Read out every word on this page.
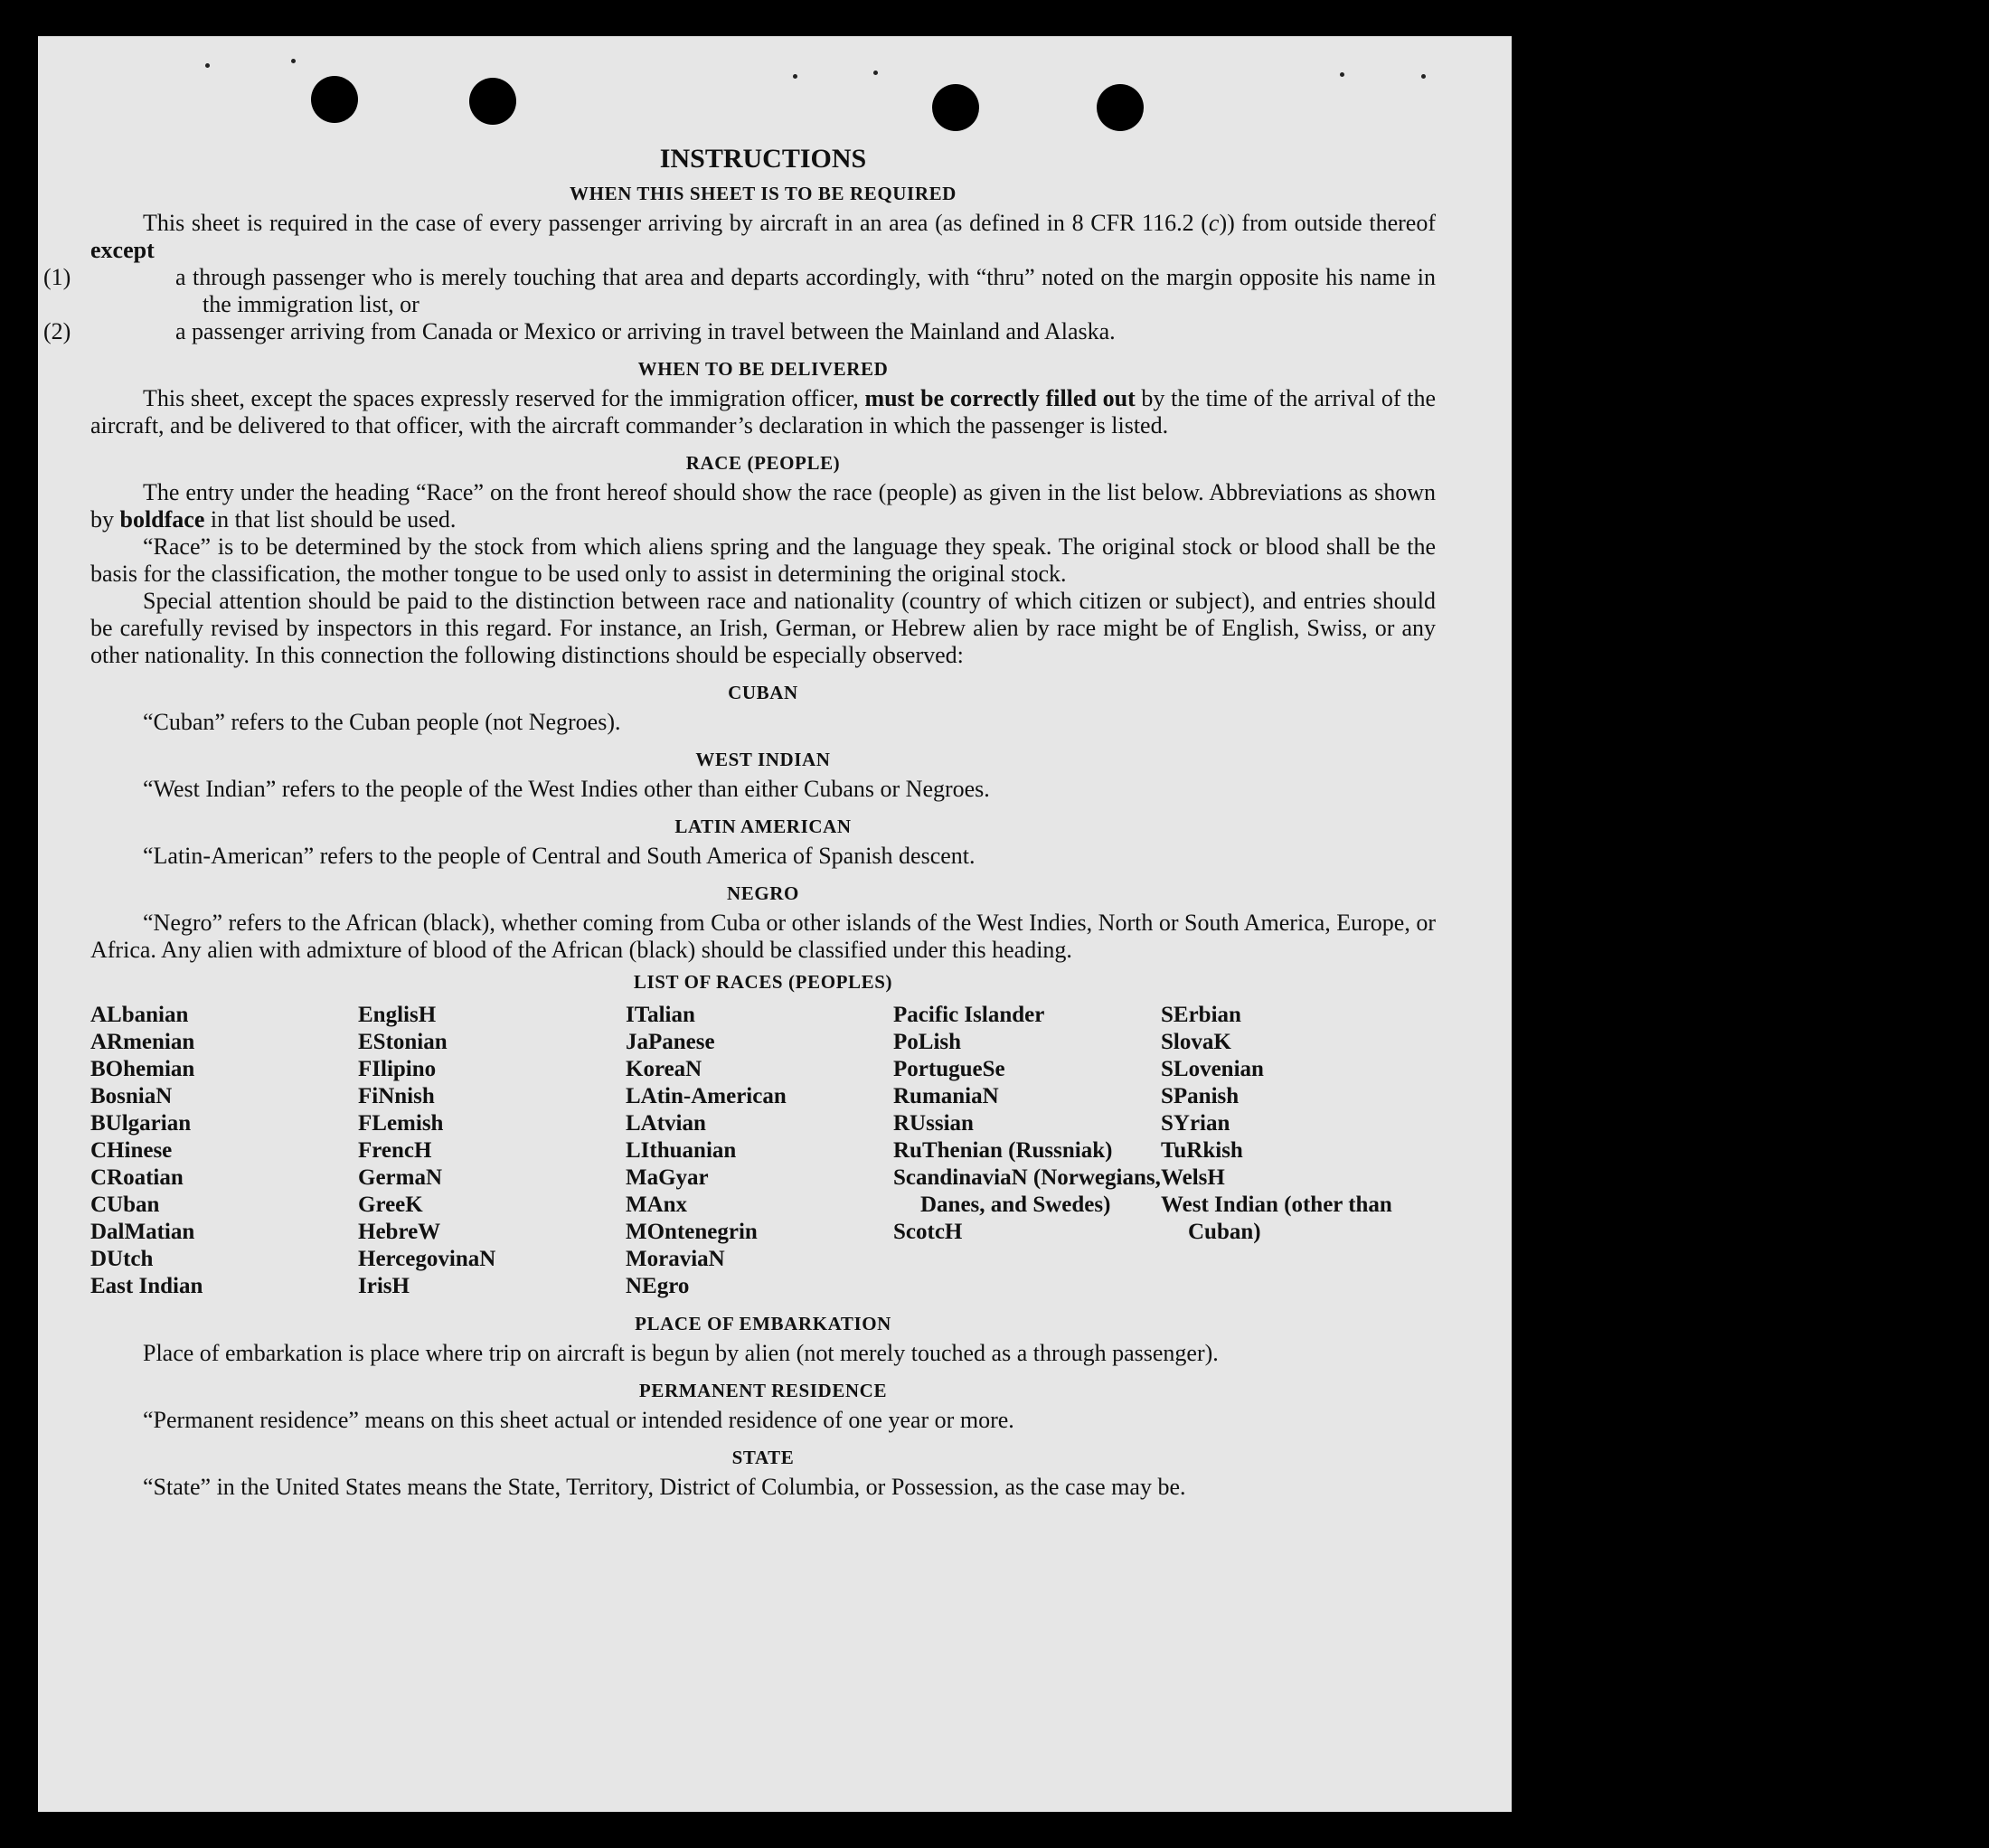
INSTRUCTIONS
WHEN THIS SHEET IS TO BE REQUIRED

This sheet is required in the case of every passenger arriving by aircraft in an area (as defined in 8 CFR 116.2 (c)) from outside thereof except

(1)	a through passenger who is merely touching that area and departs accordingly, with “thru” noted on the margin opposite his name in the immigration list, or

(2)	a passenger arriving from Canada or Mexico or arriving in travel between the Mainland and Alaska.

WHEN TO BE DELIVERED

This sheet, except the spaces expressly reserved for the immigration officer, must be correctly filled out by the time of the arrival of the aircraft, and be delivered to that officer, with the aircraft commander’s declaration in which the passenger is listed.

RACE (PEOPLE)

The entry under the heading “Race” on the front hereof should show the race (people) as given in the list below. Abbreviations as shown by boldface in that list should be used.

“Race” is to be determined by the stock from which aliens spring and the language they speak. The original stock or blood shall be the basis for the classification, the mother tongue to be used only to assist in determining the original stock.

Special attention should be paid to the distinction between race and nationality (country of which citizen or subject), and entries should be carefully revised by inspectors in this regard. For instance, an Irish, German, or Hebrew alien by race might be of English, Swiss, or any other nationality. In this connection the following distinctions should be especially observed:

CUBAN

“Cuban” refers to the Cuban people (not Negroes).

WEST INDIAN

“West Indian” refers to the people of the West Indies other than either Cubans or Negroes.

LATIN AMERICAN

“Latin-American” refers to the people of Central and South America of Spanish descent.

NEGRO

“Negro” refers to the African (black), whether coming from Cuba or other islands of the West Indies, North or South America, Europe, or Africa. Any alien with admixture of blood of the African (black) should be classified under this heading.

LIST OF RACES (PEOPLES)
ALbanian
ARmenian
BOhemian
BosniaN
BUlgarian
CHinese
CRoatian
CUban
DalMatian
DUtch
East Indian
EnglisH
EStonian
FIlipino
FiNnish
FLemish
FrencH
GermaN
GreeK
HebreW
HercegovinaN
IrisH
ITalian
JaPanese
KoreaN
LAtin-American
LAtvian
LIthuanian
MaGyar
MAnx
MOntenegrin
MoraviaN
NEgro
Pacific Islander
PoLish
PortugueSe
RumaniaN
RUssian
RuThenian (Russniak)
ScandinaviaN (Norwegians, Danes, and Swedes)
ScotcH
SErbian
SlovaK
SLovenian
SPanish
SYrian
TuRkish
WelsH
West Indian (other than Cuban)
PLACE OF EMBARKATION

Place of embarkation is place where trip on aircraft is begun by alien (not merely touched as a through passenger).

PERMANENT RESIDENCE

“Permanent residence” means on this sheet actual or intended residence of one year or more.

STATE

“State” in the United States means the State, Territory, District of Columbia, or Possession, as the case may be.
